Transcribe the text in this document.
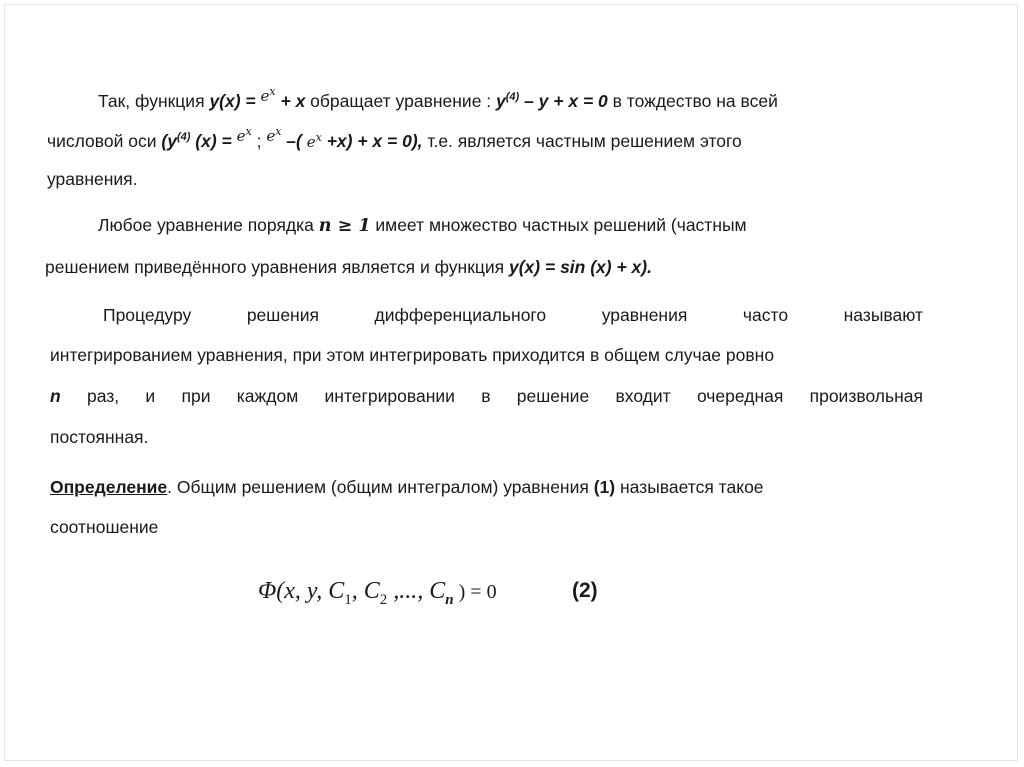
Так, функция $y(x) = e^x + x$ обращает уравнение : $y^{(4)} - y + x = 0$ в тождество на всей
числовой оси ($y^{(4)}$ $(x) = e^x$ ; $e^x$ –( $e^x +x) + x = 0$), т.е. является частным решением этого
уравнения.
Любое уравнение порядка n ≥ 1 имеет множество частных решений (частным
решением приведённого уравнения является и функция y(x) = sin (x) + x).
Процедуру решения дифференциального уравнения часто называют
интегрированием уравнения, при этом интегрировать приходится в общем случае ровно
n раз, и при каждом интегрировании в решение входит очередная произвольная
постоянная.
Определение. Общим решением (общим интегралом) уравнения (1) называется такое
соотношение
Φ(x, y, $C_1$, $C_2$ ,..., $C_n$ ) = 0	(2)
